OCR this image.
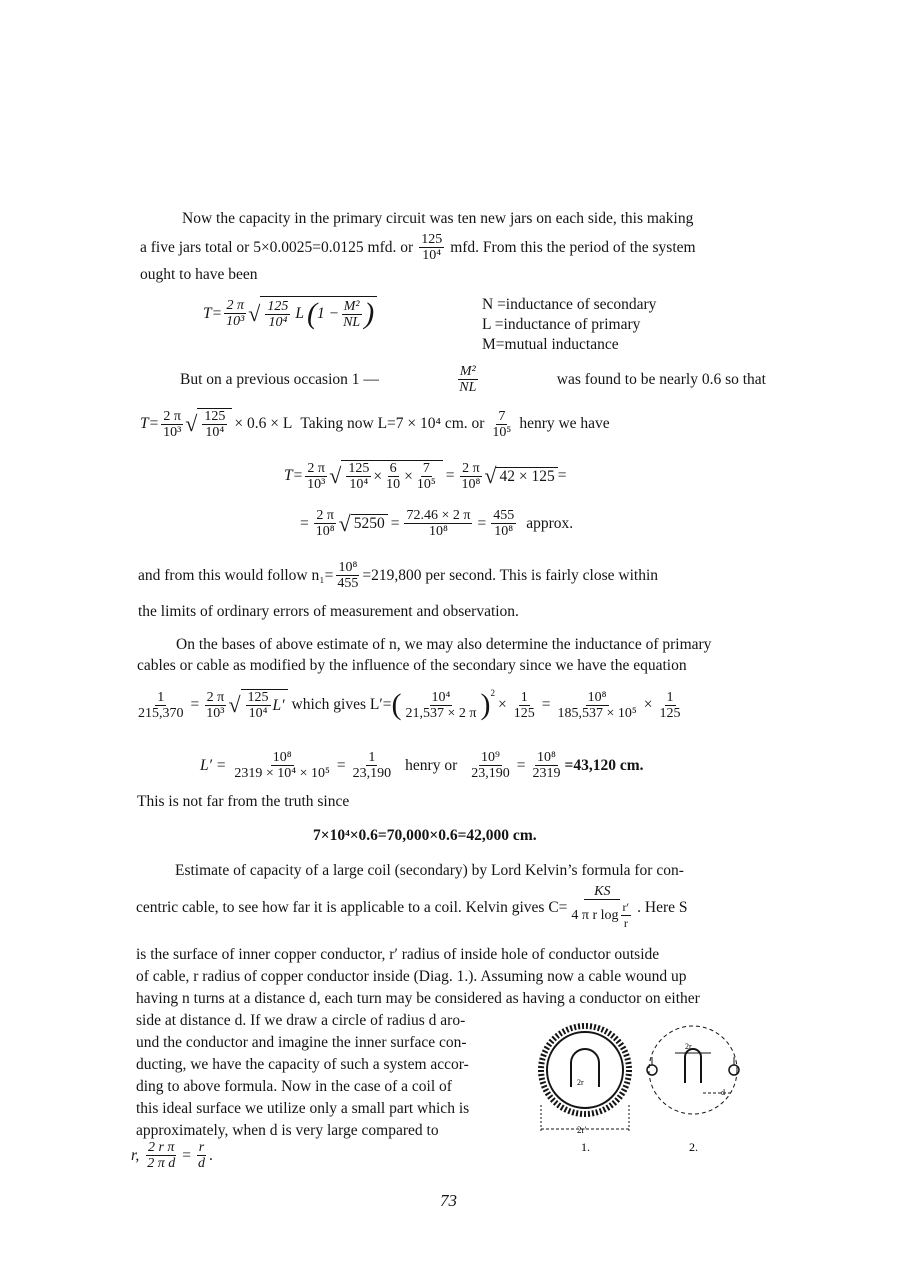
Now the capacity in the primary circuit was ten new jars on each side, this making
a five jars total or 5×0.0025=0.0125 mfd. or $\frac{125}{\text{10⁴}}$ mfd. From this the period of the system
ought to have been
$T= \frac{2 \pi}{\text{10³}}$ √ $\frac{125}{\text{10⁴}}$ L ( $1 - \frac{\text{M²}}{NL}$ )	N =inductance of secondary
L =inductance of primary
M=mutual inductance
But on a previous occasion 1 —	$\frac{\text{M²}}{NL}$	was found to be nearly 0.6 so that
$T= \frac{2 \pi}{\text{10³}}$ √ $\frac{125}{\text{10⁴}} \times 0.6 \times L$ Taking now L=7 × 10⁴ cm. or $\frac{7}{\text{10⁵}}$ henry we have
$T= \frac{2 \pi}{\text{10³}}$ √ $\frac{125}{\text{10⁴}} \times \frac{6}{10} \times \frac{7}{\text{10⁵}} = \frac{2 \pi}{\text{10⁸}}$ √ 42 × 125 =
= $\frac{2 \pi}{\text{10⁸}}$ √ $5250 = \frac{72.46 \times 2 \pi}{\text{10⁸}} = \frac{455}{\text{10⁸}}$ approx.
and from this would follow $n_1= \frac{\text{10⁸}}{455} =219,800$ per second. This is fairly close within
the limits of ordinary errors of measurement and observation.
On the bases of above estimate of n, we may also determine the inductance of primary
cables or cable as modified by the influence of the secondary since we have the equation
$\frac{1}{215,370} = \frac{2 \pi}{\text{10³}}$ √ $\frac{125}{\text{10⁴}} L'$ which gives L′= ( $\frac{\text{10⁴}}{21,537 \times 2 \pi} )^2$
× $\frac{1}{125} = \frac{\text{10⁸}}{\text{185,537 × 10⁵}} \times \frac{1}{125}$
$L' = \frac{\text{10⁸}}{\text{2319 × 10⁴ × 10⁵}} = \frac{1}{23,190}$ henry or $\frac{\text{10⁹}}{23,190} = \frac{\text{10⁸}}{2319} =43,120$ cm.
This is not far from the truth since
7×10⁴×0.6=70,000×0.6=42,000 cm.
Estimate of capacity of a large coil (secondary) by Lord Kelvin’s formula for con-
centric cable, to see how far it is applicable to a coil. Kelvin gives $C= \frac{KS}{4 \pi r \log \frac{r'}{r}}$ . Here S
is the surface of inner copper conductor, r′ radius of inside hole of conductor outside
of cable, r radius of copper conductor inside (Diag. 1.). Assuming now a cable wound up
having n turns at a distance d, each turn may be considered as having a conductor on either
side at distance d. If we draw a circle of radius d aro-
und the conductor and imagine the inner surface con-
ducting, we have the capacity of such a system accor-
ding to above formula. Now in the case of a coil of
this ideal surface we utilize only a small part which is
approximately, when d is very large compared to
r, $\frac{\text{2 r π}}{\text{2 π d}} = \frac{r}{d}$ .
2r
2r′
2r
d
1.	2.
73
